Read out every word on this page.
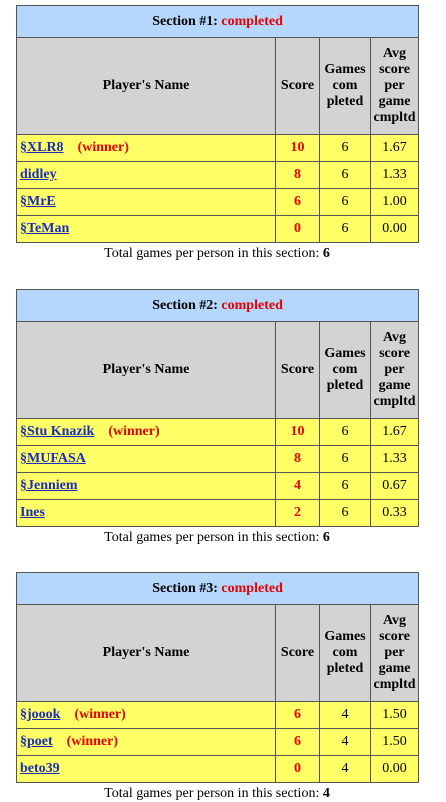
Section #1: completed			
Player's Name	Score	Games
com
pleted	Avg
score
per
game
cmpltd
§XLR8 (winner)	10	6	1.67
didley	8	6	1.33
§MrE	6	6	1.00
§TeMan	0	6	0.00
Total games per person in this section: 6
Section #2: completed			
Player's Name	Score	Games
com
pleted	Avg
score
per
game
cmpltd
§Stu Knazik (winner)	10	6	1.67
§MUFASA	8	6	1.33
§Jenniem	4	6	0.67
Ines	2	6	0.33
Total games per person in this section: 6
Section #3: completed			
Player's Name	Score	Games
com
pleted	Avg
score
per
game
cmpltd
§joook (winner)	6	4	1.50
§poet (winner)	6	4	1.50
beto39	0	4	0.00
Total games per person in this section: 4
